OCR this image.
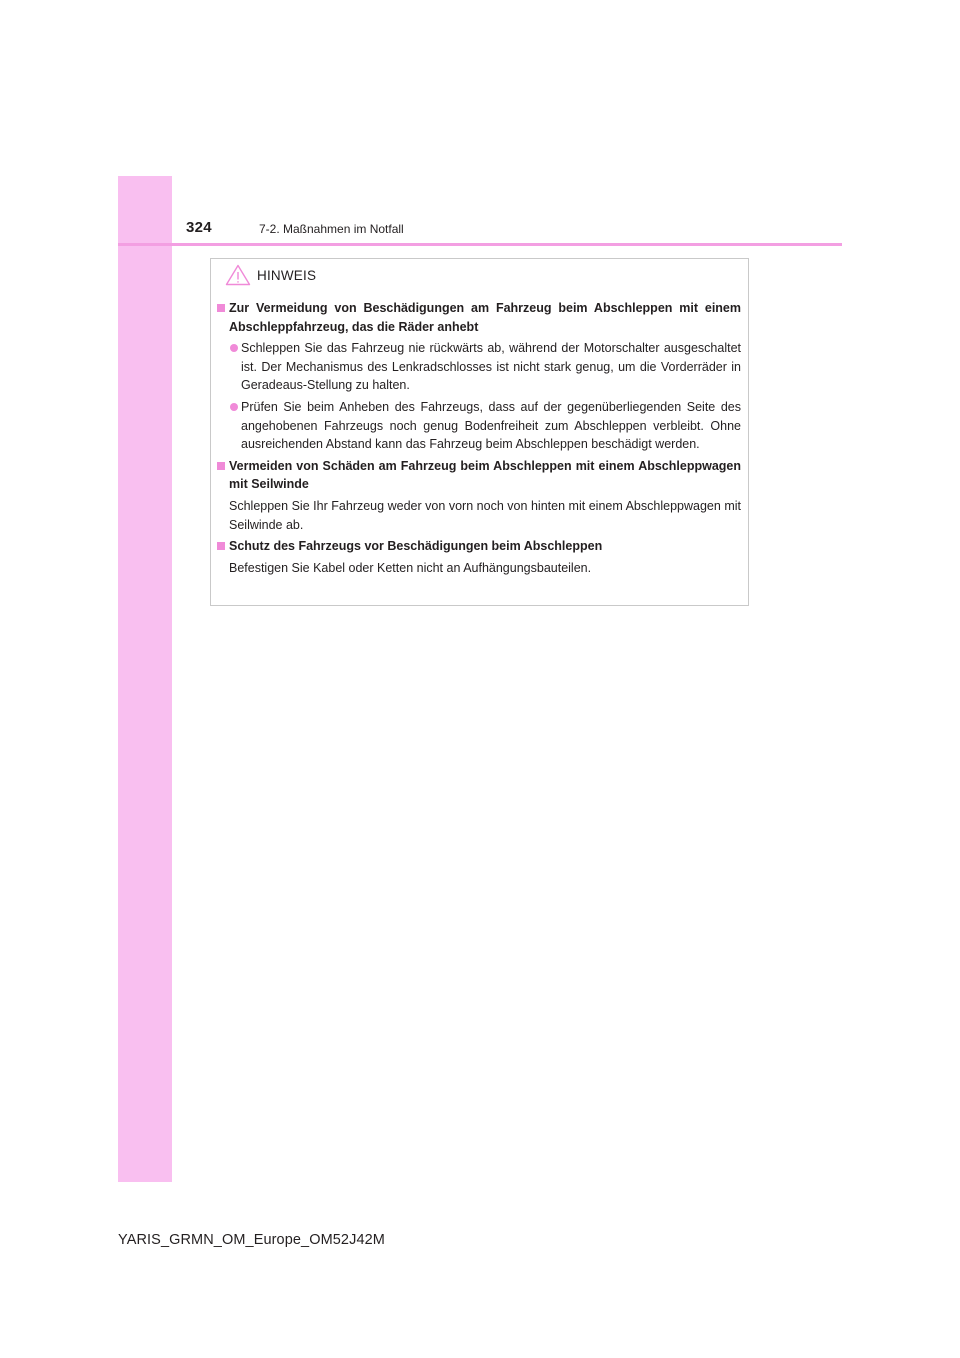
324	7-2. Maßnahmen im Notfall
HINWEIS
Zur Vermeidung von Beschädigungen am Fahrzeug beim Abschleppen mit einem Abschleppfahrzeug, das die Räder anhebt
Schleppen Sie das Fahrzeug nie rückwärts ab, während der Motorschalter ausgeschaltet ist. Der Mechanismus des Lenkradschlosses ist nicht stark genug, um die Vorderräder in Geradeaus-Stellung zu halten.
Prüfen Sie beim Anheben des Fahrzeugs, dass auf der gegenüberliegenden Seite des angehobenen Fahrzeugs noch genug Bodenfreiheit zum Abschleppen verbleibt. Ohne ausreichenden Abstand kann das Fahrzeug beim Abschleppen beschädigt werden.
Vermeiden von Schäden am Fahrzeug beim Abschleppen mit einem Abschleppwagen mit Seilwinde
Schleppen Sie Ihr Fahrzeug weder von vorn noch von hinten mit einem Abschleppwagen mit Seilwinde ab.
Schutz des Fahrzeugs vor Beschädigungen beim Abschleppen
Befestigen Sie Kabel oder Ketten nicht an Aufhängungsbauteilen.
YARIS_GRMN_OM_Europe_OM52J42M
